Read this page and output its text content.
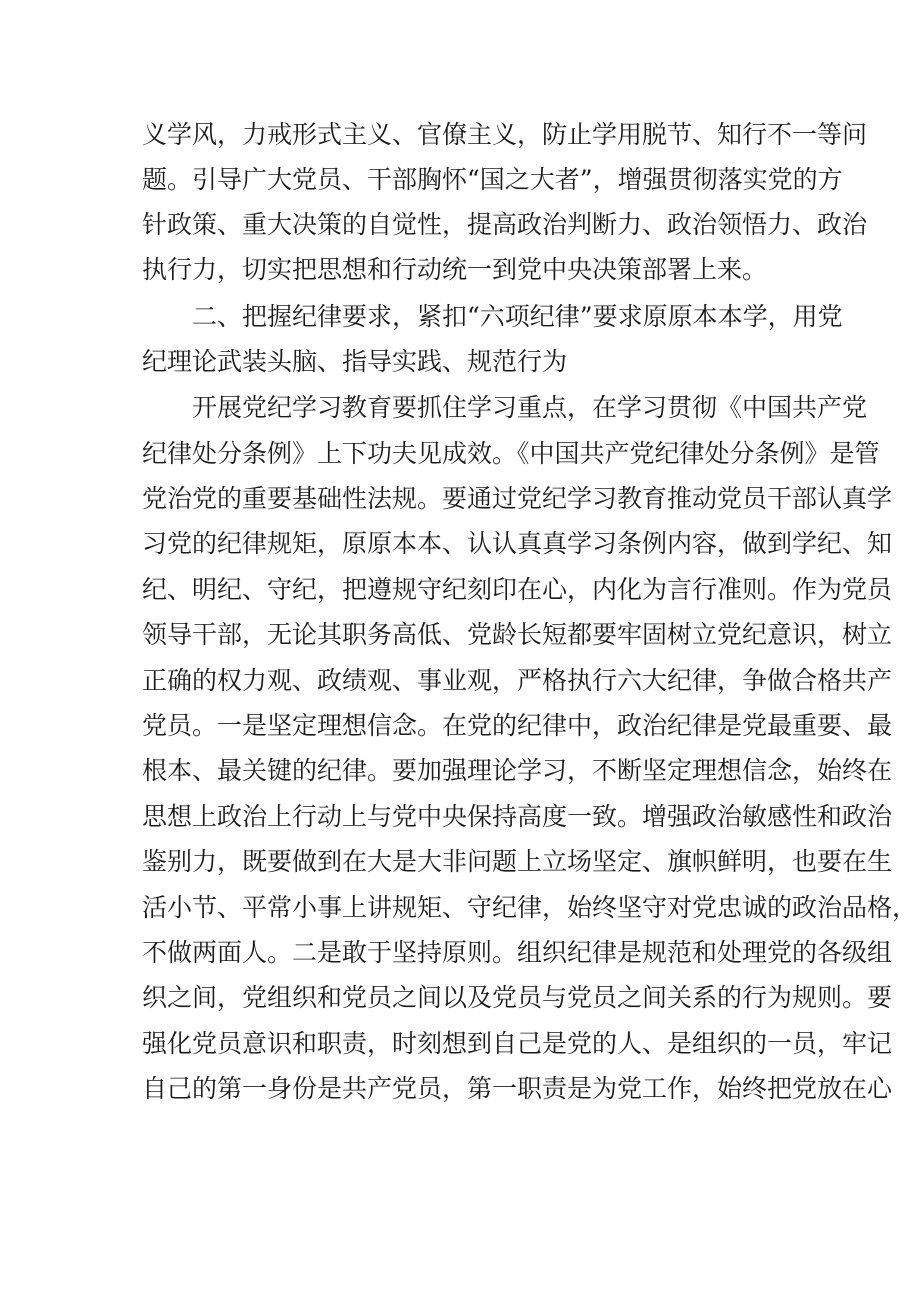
义学风，力戒形式主义、官僚主义，防止学用脱节、知行不一等问
题。引导广大党员、干部胸怀“国之大者”，增强贯彻落实党的方
针政策、重大决策的自觉性，提高政治判断力、政治领悟力、政治
执行力，切实把思想和行动统一到党中央决策部署上来。
二、把握纪律要求，紧扣“六项纪律”要求原原本本学，用党
纪理论武装头脑、指导实践、规范行为
开展党纪学习教育要抓住学习重点，在学习贯彻《中国共产党
纪律处分条例》上下功夫见成效。《中国共产党纪律处分条例》是管
党治党的重要基础性法规。要通过党纪学习教育推动党员干部认真学
习党的纪律规矩，原原本本、认认真真学习条例内容，做到学纪、知
纪、明纪、守纪，把遵规守纪刻印在心，内化为言行准则。作为党员
领导干部，无论其职务高低、党龄长短都要牢固树立党纪意识，树立
正确的权力观、政绩观、事业观，严格执行六大纪律，争做合格共产
党员。一是坚定理想信念。在党的纪律中，政治纪律是党最重要、最
根本、最关键的纪律。要加强理论学习，不断坚定理想信念，始终在
思想上政治上行动上与党中央保持高度一致。增强政治敏感性和政治
鉴别力，既要做到在大是大非问题上立场坚定、旗帜鲜明，也要在生
活小节、平常小事上讲规矩、守纪律，始终坚守对党忠诚的政治品格，
不做两面人。二是敢于坚持原则。组织纪律是规范和处理党的各级组
织之间，党组织和党员之间以及党员与党员之间关系的行为规则。要
强化党员意识和职责，时刻想到自己是党的人、是组织的一员，牢记
自己的第一身份是共产党员，第一职责是为党工作，始终把党放在心
